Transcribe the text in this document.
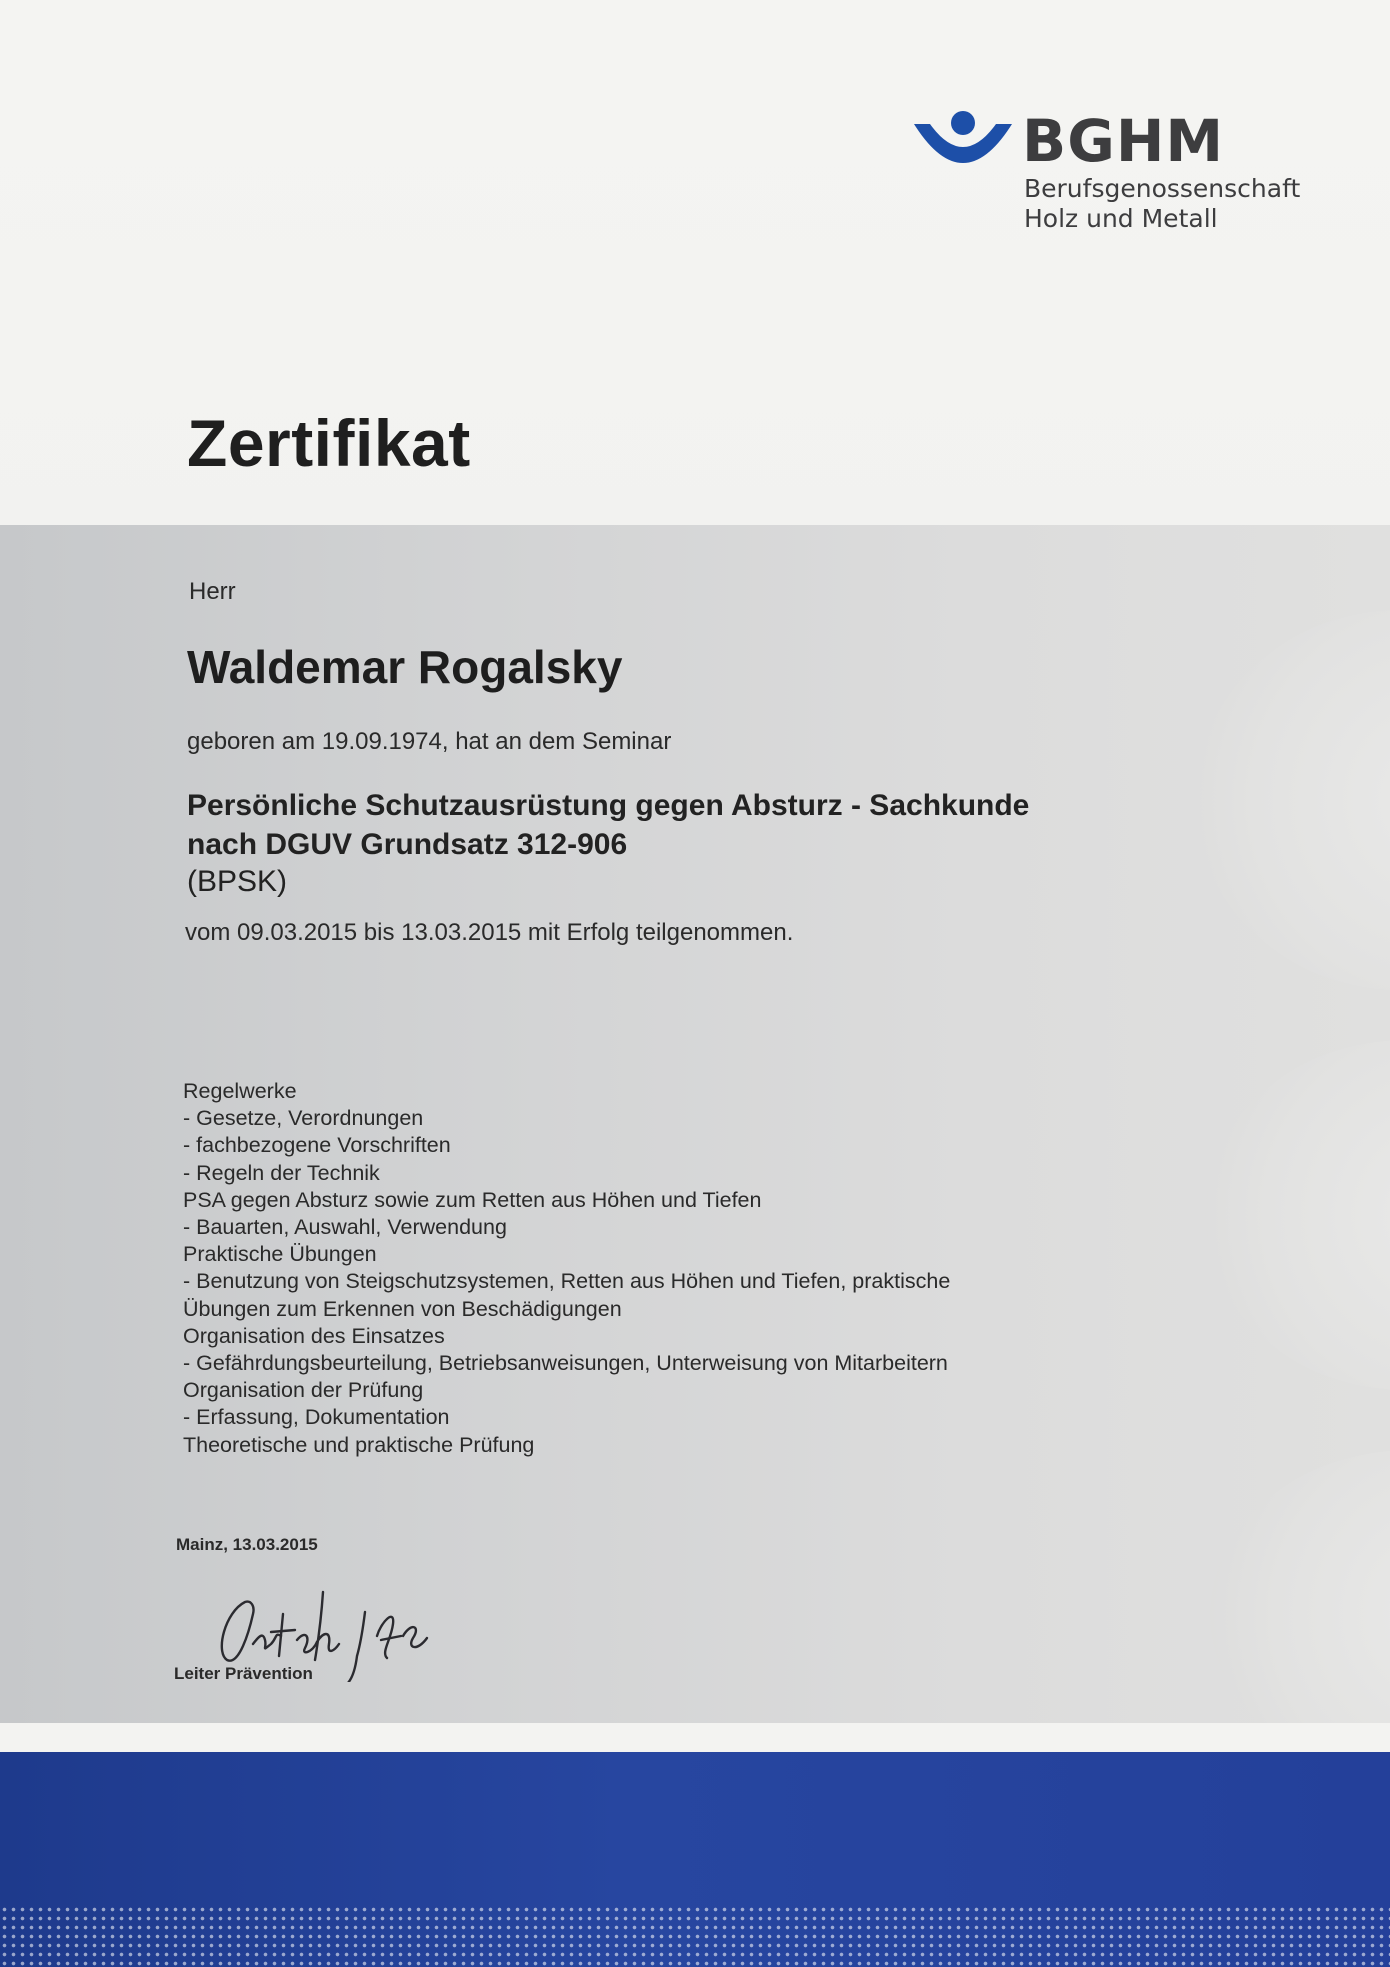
BGHM
Berufsgenossenschaft
Holz und Metall
Zertifikat
Herr
Waldemar Rogalsky
geboren am 19.09.1974, hat an dem Seminar
Persönliche Schutzausrüstung gegen Absturz - Sachkunde
nach DGUV Grundsatz 312-906
(BPSK)
vom 09.03.2015 bis 13.03.2015 mit Erfolg teilgenommen.
Regelwerke
- Gesetze, Verordnungen
- fachbezogene Vorschriften
- Regeln der Technik
PSA gegen Absturz sowie zum Retten aus Höhen und Tiefen
- Bauarten, Auswahl, Verwendung
Praktische Übungen
- Benutzung von Steigschutzsystemen, Retten aus Höhen und Tiefen, praktische
Übungen zum Erkennen von Beschädigungen
Organisation des Einsatzes
- Gefährdungsbeurteilung, Betriebsanweisungen, Unterweisung von Mitarbeitern
Organisation der Prüfung
- Erfassung, Dokumentation
Theoretische und praktische Prüfung
Mainz, 13.03.2015
Leiter Prävention
